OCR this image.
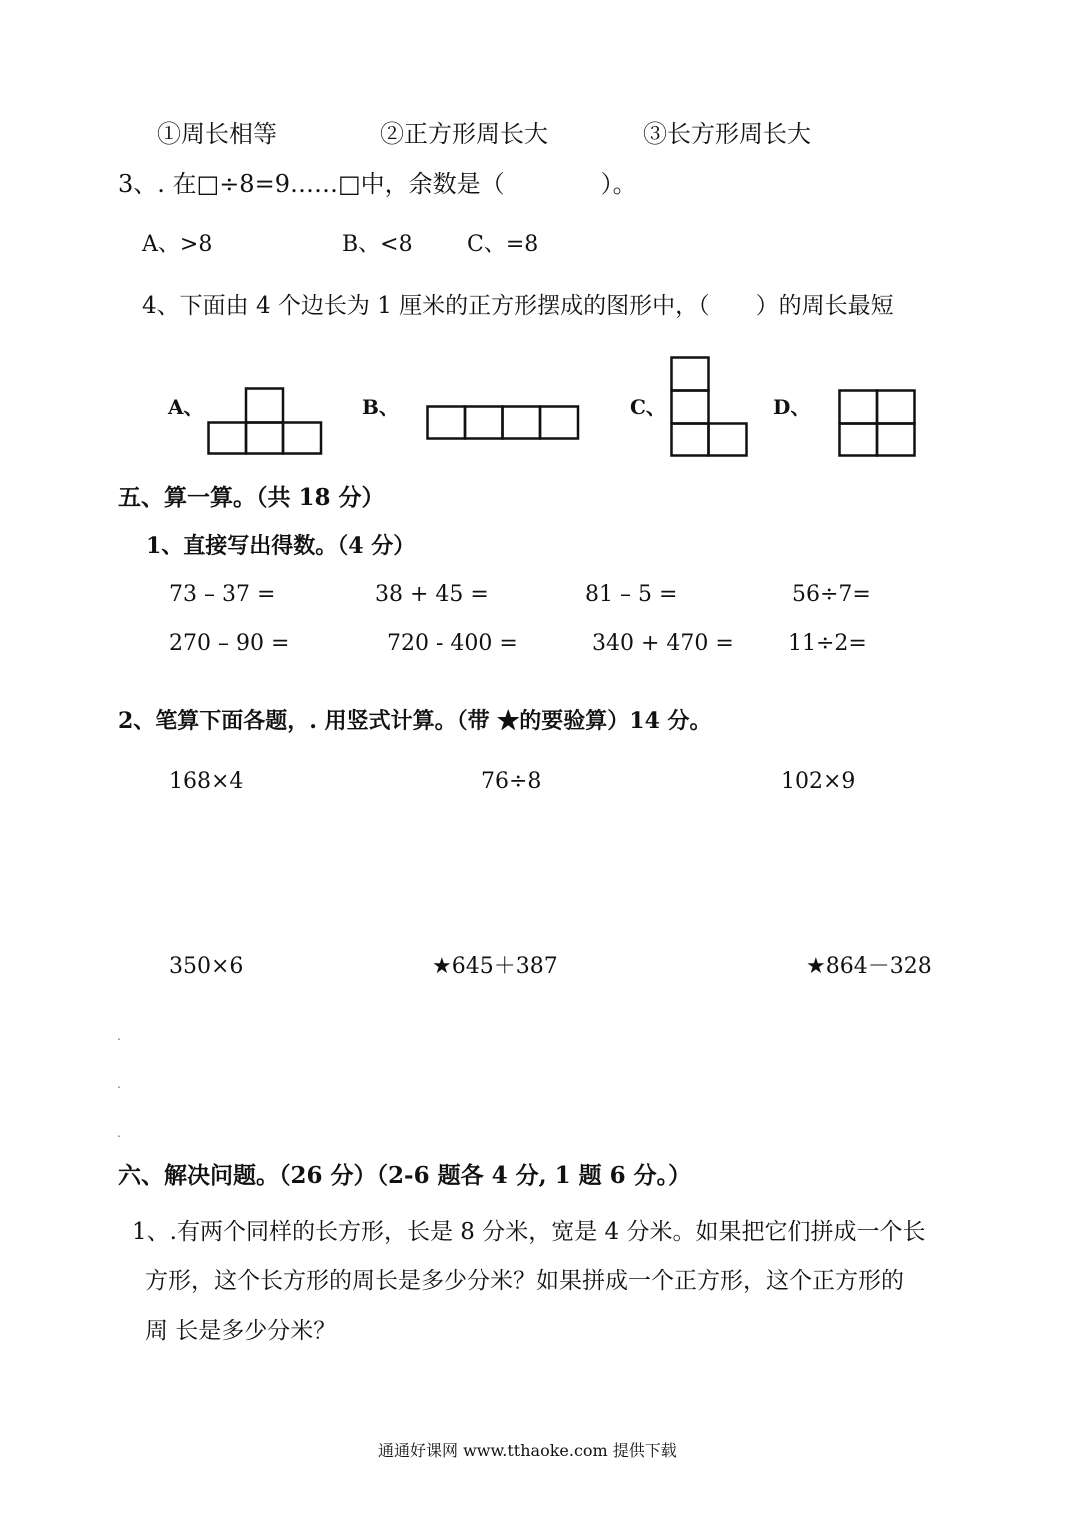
①周长相等	②正方形周长大	③长方形周长大
3、. 在□÷8=9……□中，余数是（　　　　）。
A、>8	B、<8 C、=8
4、下面由 4 个边长为 1 厘米的正方形摆成的图形中，（　　）的周长最短
A、	B、	C、	D、
五、算一算。（共 18 分）
1、直接写出得数。（4 分）
73 – 37 =	38 + 45 =	81 – 5 =	56÷7=
270 – 90 =	720 - 400 =	340 + 470 = 11÷2=
2、笔算下面各题，. 用竖式计算。（带 ★的要验算）14 分。
168×4	76÷8	102×9
350×6	★645＋387	★864－328
.
.
.
六、解决问题。（26 分）（2-6 题各 4 分, 1 题 6 分。）
1、.有两个同样的长方形，长是 8 分米，宽是 4 分米。如果把它们拼成一个长
方形，这个长方形的周长是多少分米？如果拼成一个正方形，这个正方形的
周 长是多少分米？
通通好课网 www.tthaoke.com 提供下载
